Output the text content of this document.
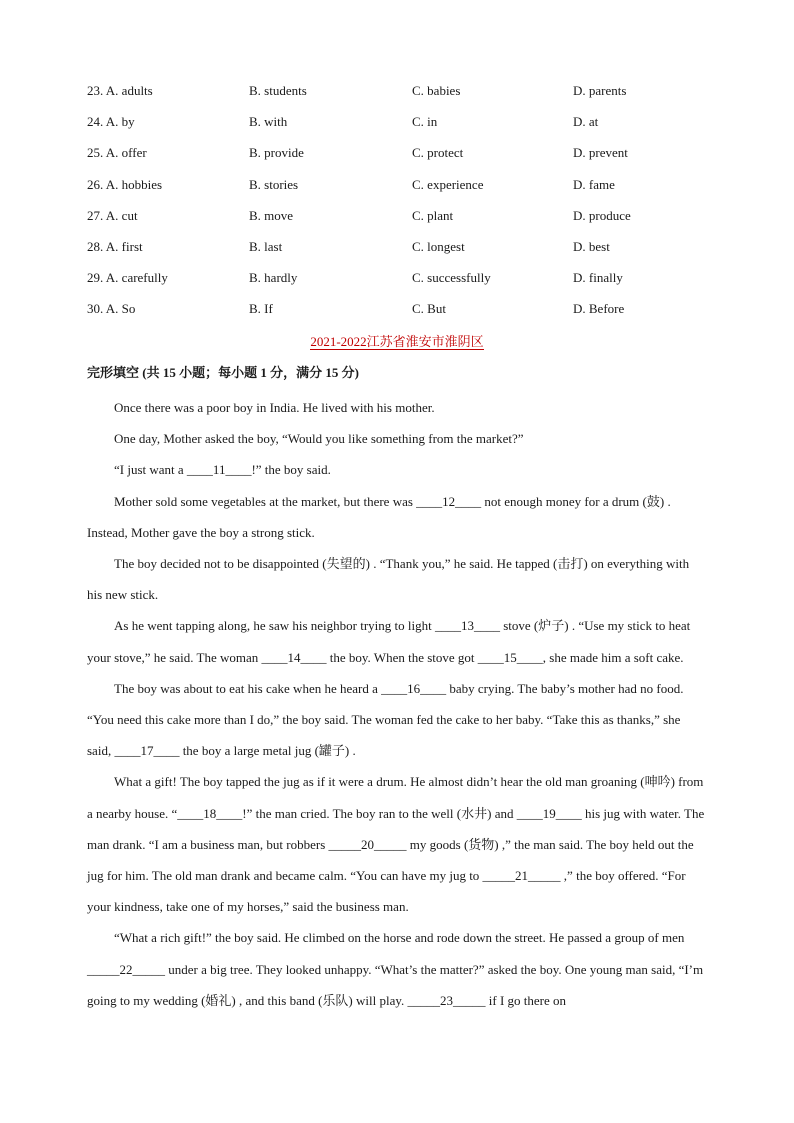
23. A. adults	B. students	C. babies	D. parents
24. A. by	B. with	C. in	D. at
25. A. offer	B. provide	C. protect	D. prevent
26. A. hobbies	B. stories	C. experience	D. fame
27. A. cut	B. move	C. plant	D. produce
28. A. first	B. last	C. longest	D. best
29. A. carefully	B. hardly	C. successfully	D. finally
30. A. So	B. If	C. But	D. Before
2021-2022江苏省淮安市淮阴区
完形填空 (共 15 小题；每小题 1 分，满分 15 分)

Once there was a poor boy in India. He lived with his mother.

One day, Mother asked the boy, “Would you like something from the market?”

“I just want a ____11____!” the boy said.

Mother sold some vegetables at the market, but there was ____12____ not enough money for a drum (鼓) . Instead, Mother gave the boy a strong stick.

The boy decided not to be disappointed (失望的) . “Thank you,” he said. He tapped (击打) on everything with his new stick.

As he went tapping along, he saw his neighbor trying to light ____13____ stove (炉子) . “Use my stick to heat your stove,” he said. The woman ____14____ the boy. When the stove got ____15____, she made him a soft cake.

The boy was about to eat his cake when he heard a ____16____ baby crying. The baby’s mother had no food. “You need this cake more than I do,” the boy said. The woman fed the cake to her baby. “Take this as thanks,” she said, ____17____ the boy a large metal jug (罐子) .

What a gift! The boy tapped the jug as if it were a drum. He almost didn’t hear the old man groaning (呻吟) from a nearby house. “____18____!” the man cried. The boy ran to the well (水井) and ____19____ his jug with water. The man drank. “I am a business man, but robbers _____20_____ my goods (货物) ,” the man said. The boy held out the jug for him. The old man drank and became calm. “You can have my jug to _____21_____ ,” the boy offered. “For your kindness, take one of my horses,” said the business man.

“What a rich gift!” the boy said. He climbed on the horse and rode down the street. He passed a group of men _____22_____ under a big tree. They looked unhappy. “What’s the matter?” asked the boy. One young man said, “I’m going to my wedding (婚礼) , and this band (乐队) will play. _____23_____ if I go there on
